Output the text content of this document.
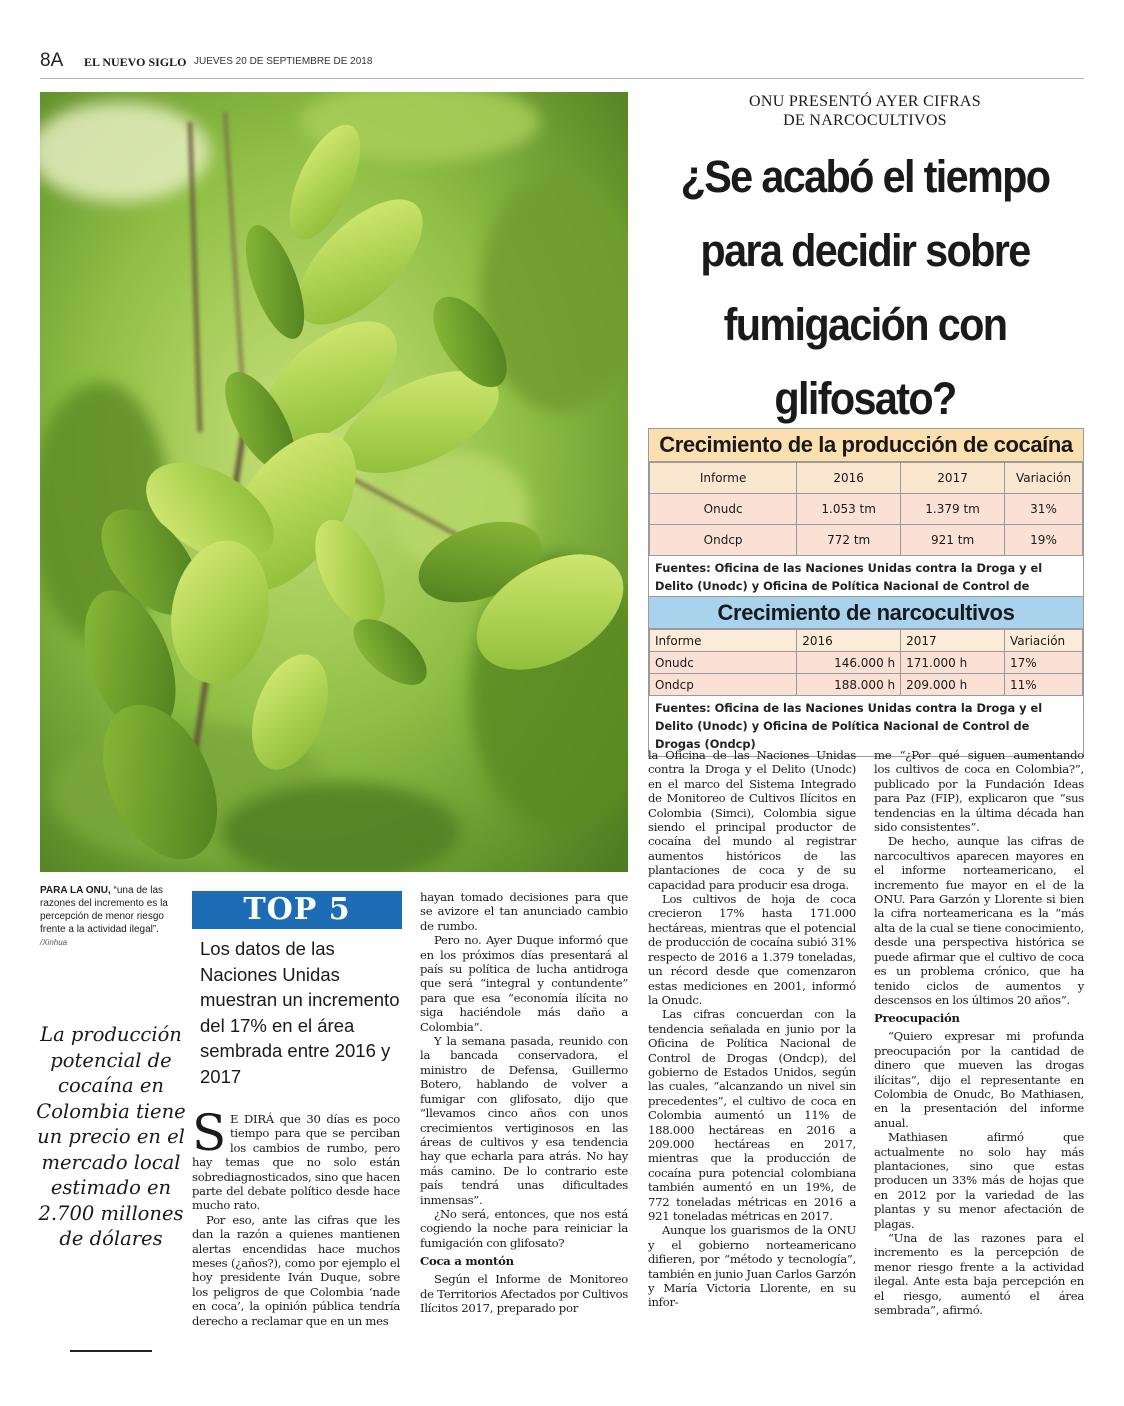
8A EL NUEVO SIGLO JUEVES 20 DE SEPTIEMBRE DE 2018
ONU PRESENTÓ AYER CIFRAS
DE NARCOCULTIVOS
¿Se acabó el tiempo
para decidir sobre
fumigación con
glifosato?
Crecimiento de la producción de cocaína
Informe	2016	2017	Variación
Onudc	1.053 tm	1.379 tm	31%
Ondcp	772 tm	921 tm	19%
Fuentes: Oficina de las Naciones Unidas contra la Droga y el Delito (Unodc) y Oficina de Política Nacional de Control de
Crecimiento de narcocultivos
Informe	2016	2017	Variación
Onudc	146.000 h	171.000 h	17%
Ondcp	188.000 h	209.000 h	11%
Fuentes: Oficina de las Naciones Unidas contra la Droga y el Delito (Unodc) y Oficina de Política Nacional de Control de Drogas (Ondcp)
PARA LA ONU, “una de las razones del incremento es la percepción de menor riesgo frente a la actividad ilegal”. /Xinhua
La producción potencial de cocaína en Colombia tiene un precio en el mercado local estimado en 2.700 millones de dólares
TOP 5
Los datos de las Naciones Unidas muestran un incremento del 17% en el área sembrada entre 2016 y 2017

S E DIRÁ que 30 días es poco tiempo para que se perciban los cambios de rumbo, pero hay temas que no solo están sobrediagnosticados, sino que hacen parte del debate político desde hace mucho rato.

Por eso, ante las cifras que les dan la razón a quienes mantienen alertas encendidas hace muchos meses (¿años?), como por ejemplo el hoy presidente Iván Duque, sobre los peligros de que Colombia ‘nade en coca’, la opinión pública tendría derecho a reclamar que en un mes

hayan tomado decisiones para que se avizore el tan anunciado cambio de rumbo.

Pero no. Ayer Duque informó que en los próximos días presentará al país su política de lucha antidroga que será “integral y contundente” para que esa “economía ilícita no siga haciéndole más daño a Colombia”.

Y la semana pasada, reunido con la bancada conservadora, el ministro de Defensa, Guillermo Botero, hablando de volver a fumigar con glifosato, dijo que “llevamos cinco años con unos crecimientos vertiginosos en las áreas de cultivos y esa tendencia hay que echarla para atrás. No hay más camino. De lo contrario este país tendrá unas dificultades inmensas”.

¿No será, entonces, que nos está cogiendo la noche para reiniciar la fumigación con glifosato?

Coca a montón

Según el Informe de Monitoreo de Territorios Afectados por Cultivos Ilícitos 2017, preparado por

la Oficina de las Naciones Unidas contra la Droga y el Delito (Unodc) en el marco del Sistema Integrado de Monitoreo de Cultivos Ilícitos en Colombia (Simci), Colombia sigue siendo el principal productor de cocaína del mundo al registrar aumentos históricos de las plantaciones de coca y de su capacidad para producir esa droga.

Los cultivos de hoja de coca crecieron 17% hasta 171.000 hectáreas, mientras que el potencial de producción de cocaína subió 31% respecto de 2016 a 1.379 toneladas, un récord desde que comenzaron estas mediciones en 2001, informó la Onudc.

Las cifras concuerdan con la tendencia señalada en junio por la Oficina de Política Nacional de Control de Drogas (Ondcp), del gobierno de Estados Unidos, según las cuales, “alcanzando un nivel sin precedentes”, el cultivo de coca en Colombia aumentó un 11% de 188.000 hectáreas en 2016 a 209.000 hectáreas en 2017, mientras que la producción de cocaína pura potencial colombiana también aumentó en un 19%, de 772 toneladas métricas en 2016 a 921 toneladas métricas en 2017.

Aunque los guarismos de la ONU y el gobierno norteamericano difieren, por “método y tecnología”, también en junio Juan Carlos Garzón y María Victoria Llorente, en su infor-

me “¿Por qué siguen aumentando los cultivos de coca en Colombia?”, publicado por la Fundación Ideas para Paz (FIP), explicaron que “sus tendencias en la última década han sido consistentes”.

De hecho, aunque las cifras de narcocultivos aparecen mayores en el informe norteamericano, el incremento fue mayor en el de la ONU. Para Garzón y Llorente si bien la cifra norteamericana es la “más alta de la cual se tiene conocimiento, desde una perspectiva histórica se puede afirmar que el cultivo de coca es un problema crónico, que ha tenido ciclos de aumentos y descensos en los últimos 20 años”.

Preocupación

“Quiero expresar mi profunda preocupación por la cantidad de dinero que mueven las drogas ilícitas”, dijo el representante en Colombia de Onudc, Bo Mathiasen, en la presentación del informe anual.

Mathiasen afirmó que actualmente no solo hay más plantaciones, sino que estas producen un 33% más de hojas que en 2012 por la variedad de las plantas y su menor afectación de plagas.

“Una de las razones para el incremento es la percepción de menor riesgo frente a la actividad ilegal. Ante esta baja percepción en el riesgo, aumentó el área sembrada”, afirmó.
